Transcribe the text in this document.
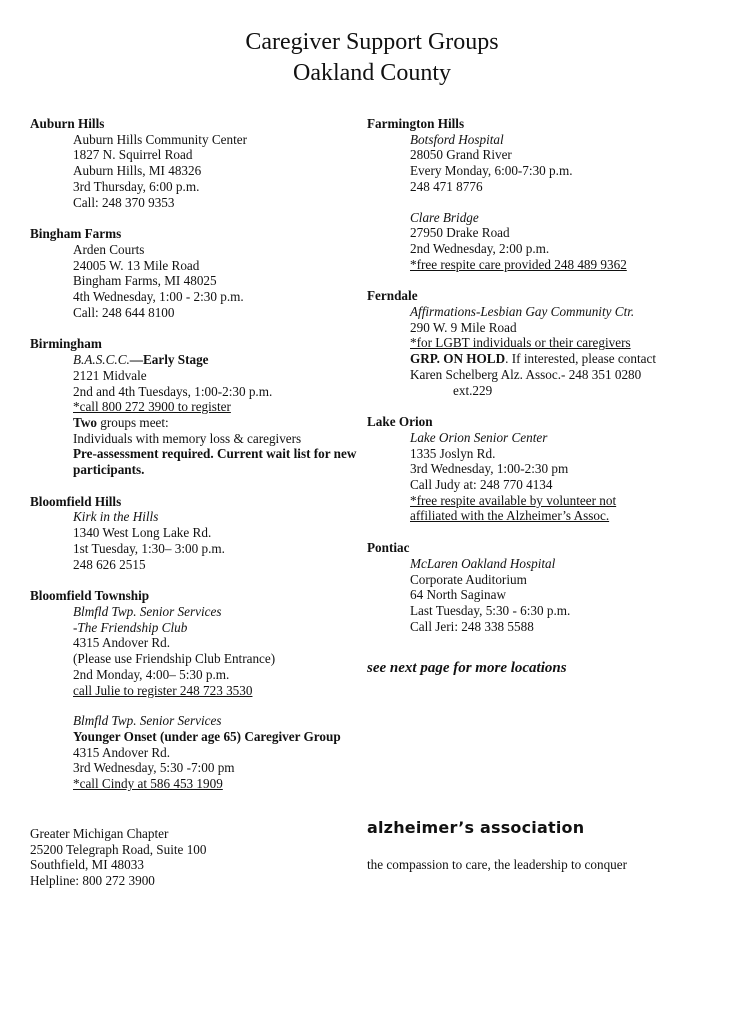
Caregiver Support Groups
Oakland County
Auburn Hills
Auburn Hills Community Center
1827 N. Squirrel Road
Auburn Hills, MI 48326
3rd Thursday, 6:00 p.m.
Call: 248 370 9353
Bingham Farms
Arden Courts
24005 W. 13 Mile Road
Bingham Farms, MI 48025
4th Wednesday, 1:00 - 2:30 p.m.
Call: 248 644 8100
Birmingham
B.A.S.C.C.—Early Stage
2121 Midvale
2nd and 4th Tuesdays, 1:00-2:30 p.m.
*call 800 272 3900 to register
Two groups meet:
Individuals with memory loss & caregivers
Pre-assessment required. Current wait list for new
participants.
Bloomfield Hills
Kirk in the Hills
1340 West Long Lake Rd.
1st Tuesday, 1:30– 3:00 p.m.
248 626 2515
Bloomfield Township
Blmfld Twp. Senior Services
-The Friendship Club
4315 Andover Rd.
(Please use Friendship Club Entrance)
2nd Monday, 4:00– 5:30 p.m.
call Julie to register 248 723 3530
Blmfld Twp. Senior Services
Younger Onset (under age 65) Caregiver Group
4315 Andover Rd.
3rd Wednesday, 5:30 -7:00 pm
*call Cindy at 586 453 1909
Farmington Hills
Botsford Hospital
28050 Grand River
Every Monday, 6:00-7:30 p.m.
248 471 8776
Clare Bridge
27950 Drake Road
2nd Wednesday, 2:00 p.m.
*free respite care provided 248 489 9362
Ferndale
Affirmations-Lesbian Gay Community Ctr.
290 W. 9 Mile Road
*for LGBT individuals or their caregivers
GRP. ON HOLD. If interested, please contact
Karen Schelberg Alz. Assoc.- 248 351 0280
ext.229
Lake Orion
Lake Orion Senior Center
1335 Joslyn Rd.
3rd Wednesday, 1:00-2:30 pm
Call Judy at: 248 770 4134
*free respite available by volunteer not
affiliated with the Alzheimer’s Assoc.
Pontiac
McLaren Oakland Hospital
Corporate Auditorium
64 North Saginaw
Last Tuesday, 5:30 - 6:30 p.m.
Call Jeri: 248 338 5588
see next page for more locations
Greater Michigan Chapter
25200 Telegraph Road, Suite 100
Southfield, MI 48033
Helpline: 800 272 3900
alzheimer’s association
the compassion to care, the leadership to conquer
